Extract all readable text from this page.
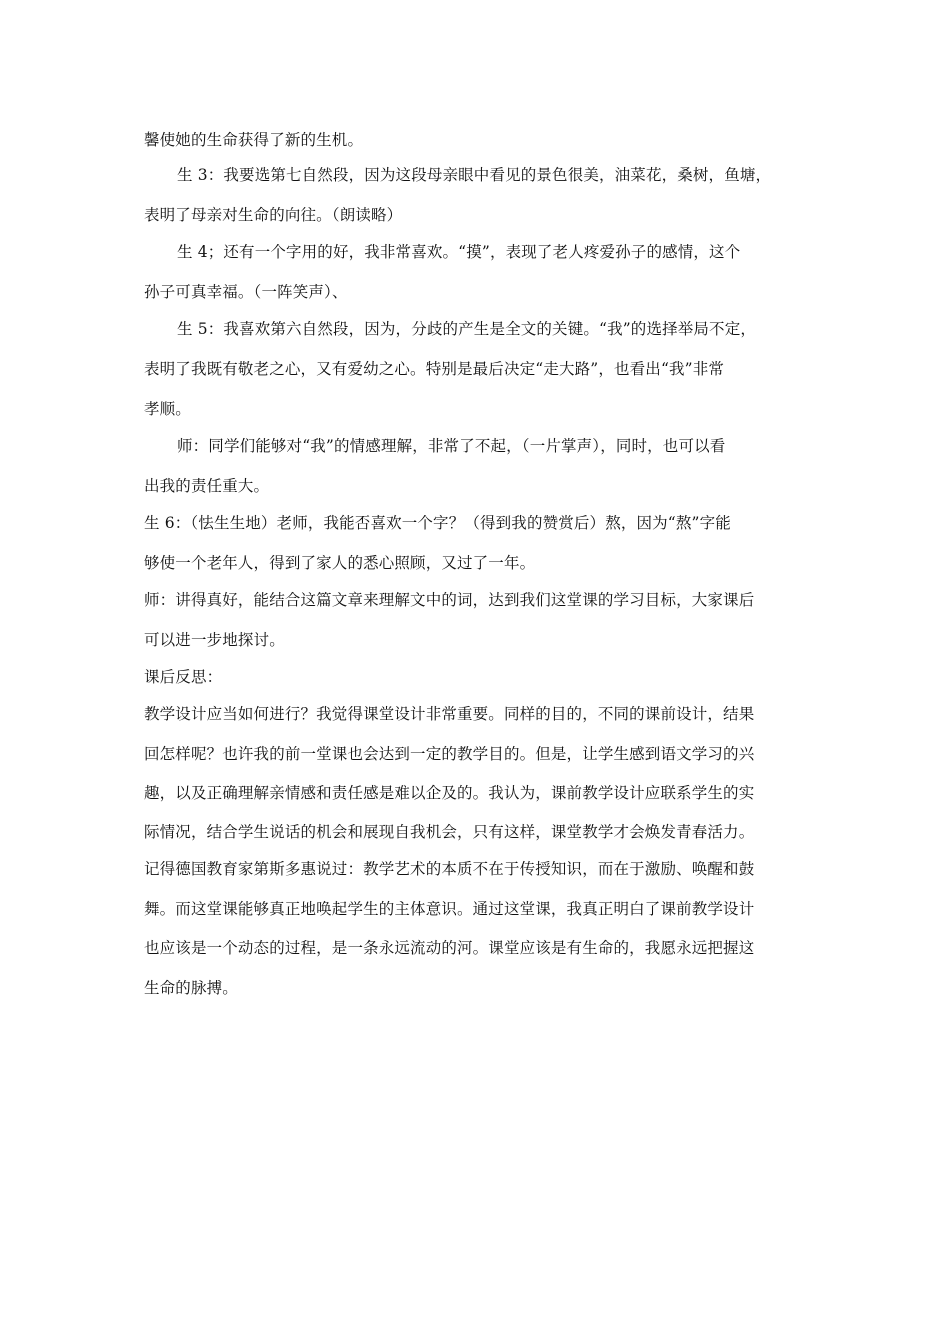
馨使她的生命获得了新的生机。
生 3：我要选第七自然段，因为这段母亲眼中看见的景色很美，油菜花，桑树，鱼塘，
表明了母亲对生命的向往。（朗读略）
生 4；还有一个字用的好，我非常喜欢。“摸”，表现了老人疼爱孙子的感情，这个
孙子可真幸福。（一阵笑声）、
生 5：我喜欢第六自然段，因为，分歧的产生是全文的关键。“我”的选择举局不定，
表明了我既有敬老之心，又有爱幼之心。特别是最后决定“走大路”，也看出“我”非常
孝顺。
师：同学们能够对“我”的情感理解，非常了不起，（一片掌声），同时，也可以看
出我的责任重大。
生 6：（怯生生地）老师，我能否喜欢一个字？（得到我的赞赏后）熬，因为“熬”字能
够使一个老年人，得到了家人的悉心照顾，又过了一年。
师：讲得真好，能结合这篇文章来理解文中的词，达到我们这堂课的学习目标，大家课后
可以进一步地探讨。
课后反思：
教学设计应当如何进行？我觉得课堂设计非常重要。同样的目的，不同的课前设计，结果
回怎样呢？也许我的前一堂课也会达到一定的教学目的。但是，让学生感到语文学习的兴
趣，以及正确理解亲情感和责任感是难以企及的。我认为，课前教学设计应联系学生的实
际情况，结合学生说话的机会和展现自我机会，只有这样，课堂教学才会焕发青春活力。
记得德国教育家第斯多惠说过：教学艺术的本质不在于传授知识，而在于激励、唤醒和鼓
舞。而这堂课能够真正地唤起学生的主体意识。通过这堂课，我真正明白了课前教学设计
也应该是一个动态的过程，是一条永远流动的河。课堂应该是有生命的，我愿永远把握这
生命的脉搏。
